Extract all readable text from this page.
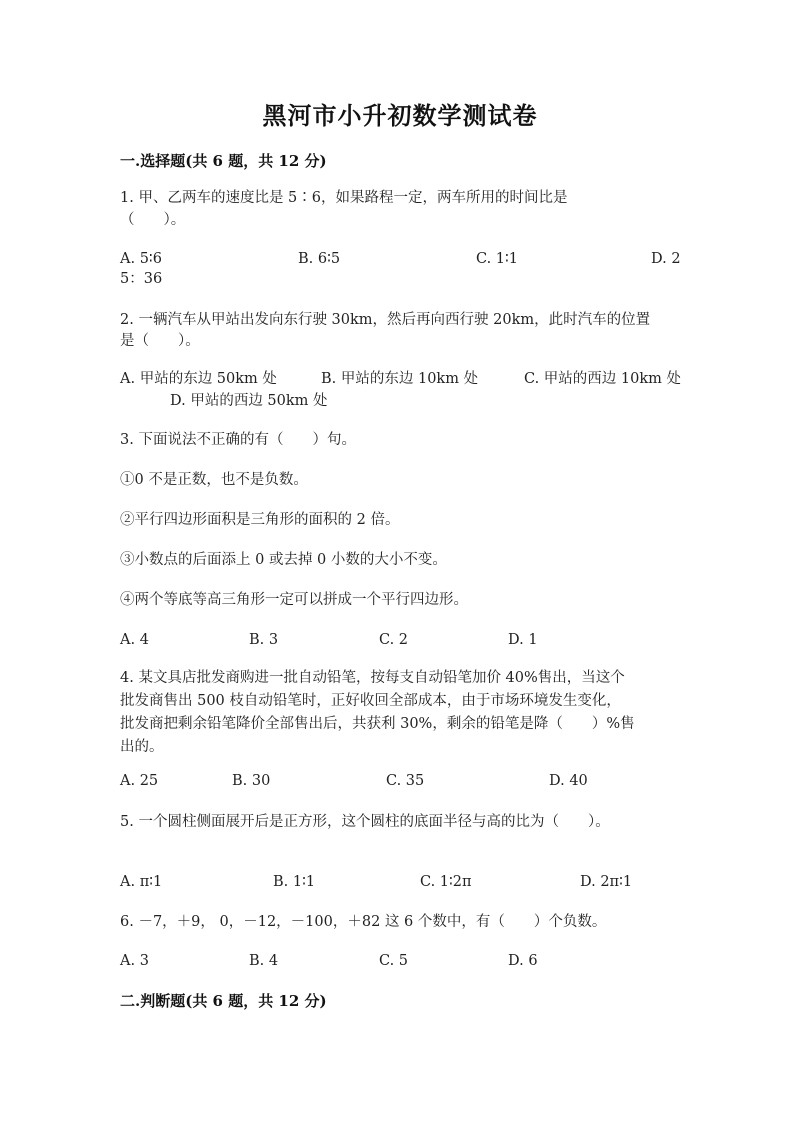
黑河市小升初数学测试卷
一.选择题(共 6 题，共 12 分)
1. 甲、乙两车的速度比是 5∶6，如果路程一定，两车所用的时间比是
（　　）。
A. 5∶6	B. 6∶5	C. 1∶1	D. 2
5：36
2. 一辆汽车从甲站出发向东行驶 30km，然后再向西行驶 20km，此时汽车的位置
是（　　）。
A. 甲站的东边 50km 处	B. 甲站的东边 10km 处	C. 甲站的西边 10km 处
D. 甲站的西边 50km 处
3. 下面说法不正确的有（　　）句。
①0 不是正数，也不是负数。
②平行四边形面积是三角形的面积的 2 倍。
③小数点的后面添上 0 或去掉 0 小数的大小不变。
④两个等底等高三角形一定可以拼成一个平行四边形。
A. 4	B. 3	C. 2	D. 1
4. 某文具店批发商购进一批自动铅笔，按每支自动铅笔加价 40%售出，当这个
批发商售出 500 枝自动铅笔时，正好收回全部成本，由于市场环境发生变化，
批发商把剩余铅笔降价全部售出后，共获利 30%，剩余的铅笔是降（　　）%售
出的。
A. 25	B. 30	C. 35	D. 40
5. 一个圆柱侧面展开后是正方形，这个圆柱的底面半径与高的比为（　　）。
A. π∶1	B. 1∶1	C. 1∶2π	D. 2π∶1
6. －7，＋9， 0，－12，－100，＋82 这 6 个数中，有（　　）个负数。
A. 3	B. 4	C. 5	D. 6
二.判断题(共 6 题，共 12 分)
